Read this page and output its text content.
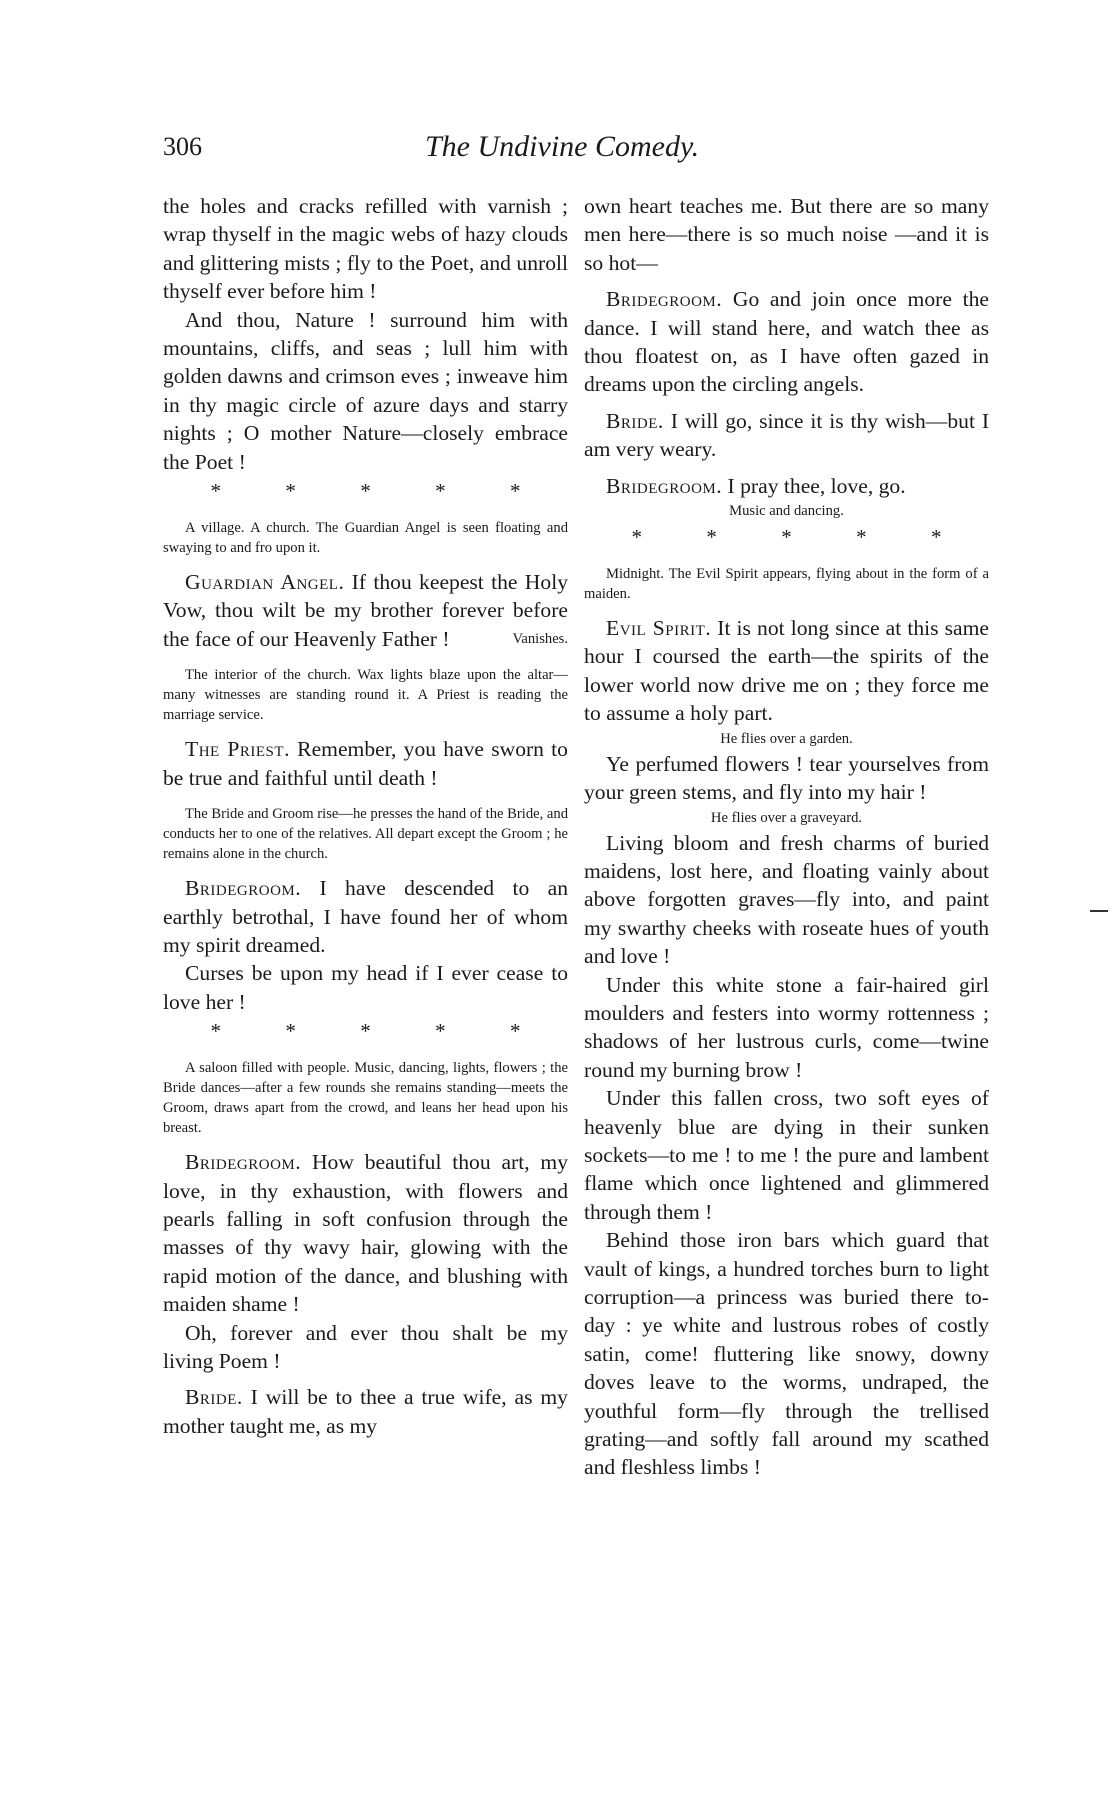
306	The Undivine Comedy.

the holes and cracks refilled with varnish ; wrap thyself in the magic webs of hazy clouds and glittering mists ; fly to the Poet, and unroll thyself ever before him !

And thou, Nature ! surround him with mountains, cliffs, and seas ; lull him with golden dawns and crimson eves ; inweave him in thy magic circle of azure days and starry nights ; O mother Nature—closely embrace the Poet !

*	*	*	*	*

A village. A church. The Guardian Angel is seen floating and swaying to and fro upon it.

Guardian Angel. If thou keepest the Holy Vow, thou wilt be my brother forever before the face of our Heavenly Father !	Vanishes.

The interior of the church. Wax lights blaze upon the altar—many witnesses are standing round it. A Priest is reading the marriage service.

The Priest. Remember, you have sworn to be true and faithful until death !

The Bride and Groom rise—he presses the hand of the Bride, and conducts her to one of the relatives. All depart except the Groom ; he remains alone in the church.

Bridegroom. I have descended to an earthly betrothal, I have found her of whom my spirit dreamed.

Curses be upon my head if I ever cease to love her !

*	*	*	*	*

A saloon filled with people. Music, dancing, lights, flowers ; the Bride dances—after a few rounds she remains standing—meets the Groom, draws apart from the crowd, and leans her head upon his breast.

Bridegroom. How beautiful thou art, my love, in thy exhaustion, with flowers and pearls falling in soft confusion through the masses of thy wavy hair, glowing with the rapid motion of the dance, and blushing with maiden shame !

Oh, forever and ever thou shalt be my living Poem !

Bride. I will be to thee a true wife, as my mother taught me, as my

own heart teaches me. But there are so many men here—there is so much noise —and it is so hot—

Bridegroom. Go and join once more the dance. I will stand here, and watch thee as thou floatest on, as I have often gazed in dreams upon the circling angels.

Bride. I will go, since it is thy wish—but I am very weary.

Bridegroom. I pray thee, love, go.

Music and dancing.

*	*	*	*	*

Midnight. The Evil Spirit appears, flying about in the form of a maiden.

Evil Spirit. It is not long since at this same hour I coursed the earth—the spirits of the lower world now drive me on ; they force me to assume a holy part.

He flies over a garden.

Ye perfumed flowers ! tear yourselves from your green stems, and fly into my hair !

He flies over a graveyard.

Living bloom and fresh charms of buried maidens, lost here, and floating vainly about above forgotten graves—fly into, and paint my swarthy cheeks with roseate hues of youth and love !

Under this white stone a fair-haired girl moulders and festers into wormy rottenness ; shadows of her lustrous curls, come—twine round my burning brow !

Under this fallen cross, two soft eyes of heavenly blue are dying in their sunken sockets—to me ! to me ! the pure and lambent flame which once lightened and glimmered through them !

Behind those iron bars which guard that vault of kings, a hundred torches burn to light corruption—a princess was buried there to-day : ye white and lustrous robes of costly satin, come! fluttering like snowy, downy doves leave to the worms, undraped, the youthful form—fly through the trellised grating—and softly fall around my scathed and fleshless limbs !
